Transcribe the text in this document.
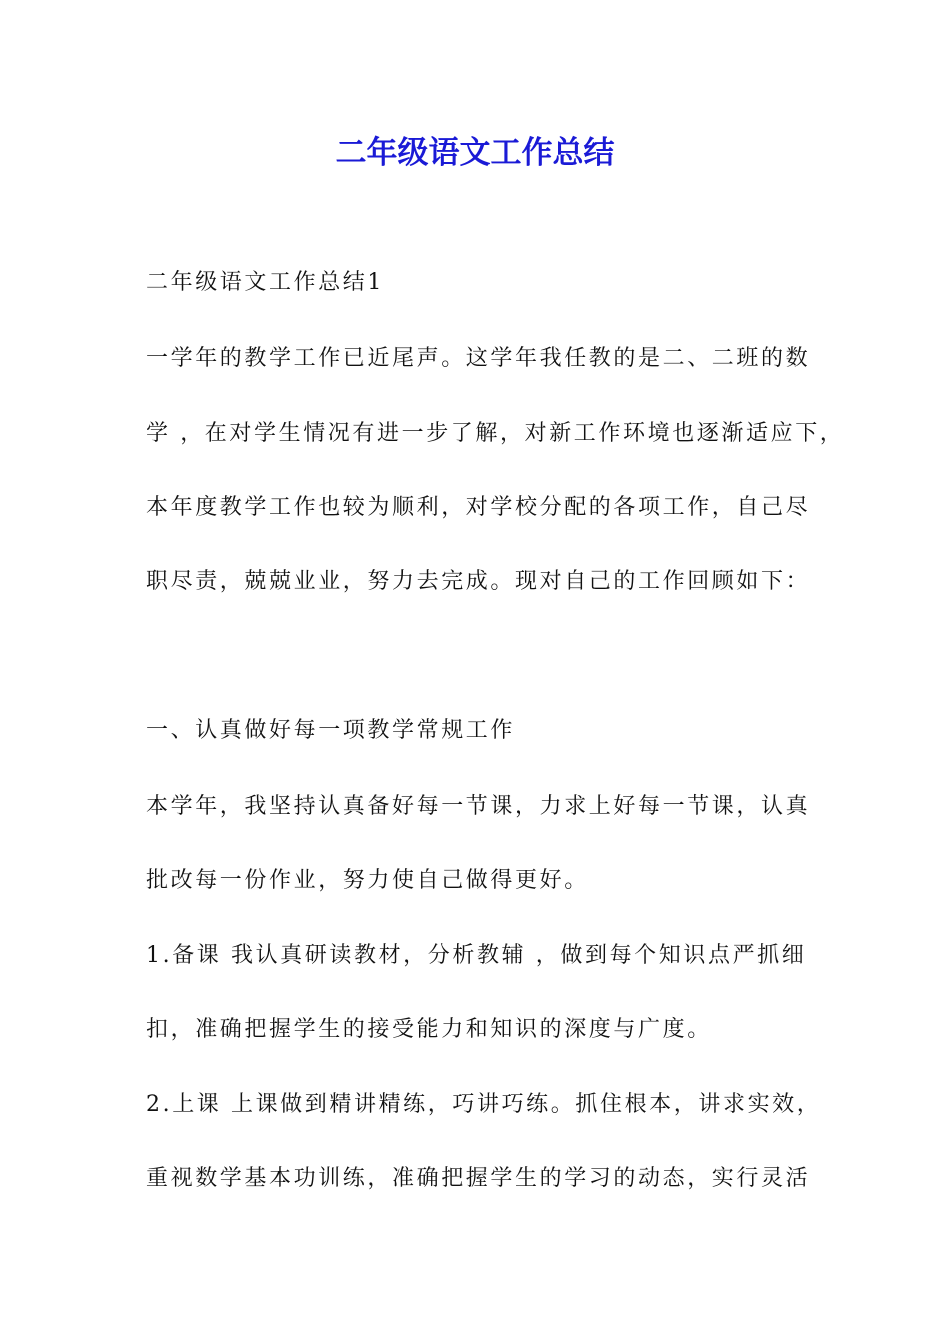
二年级语文工作总结
二年级语文工作总结1
一学年的教学工作已近尾声。这学年我任教的是二、二班的数
学 ，在对学生情况有进一步了解，对新工作环境也逐渐适应下，
本年度教学工作也较为顺利，对学校分配的各项工作，自己尽
职尽责，兢兢业业，努力去完成。现对自己的工作回顾如下：
一、认真做好每一项教学常规工作
本学年，我坚持认真备好每一节课，力求上好每一节课，认真
批改每一份作业，努力使自己做得更好。
1.备课 我认真研读教材，分析教辅 ，做到每个知识点严抓细
扣，准确把握学生的接受能力和知识的深度与广度。
2.上课 上课做到精讲精练，巧讲巧练。抓住根本，讲求实效，
重视数学基本功训练，准确把握学生的学习的动态，实行灵活
